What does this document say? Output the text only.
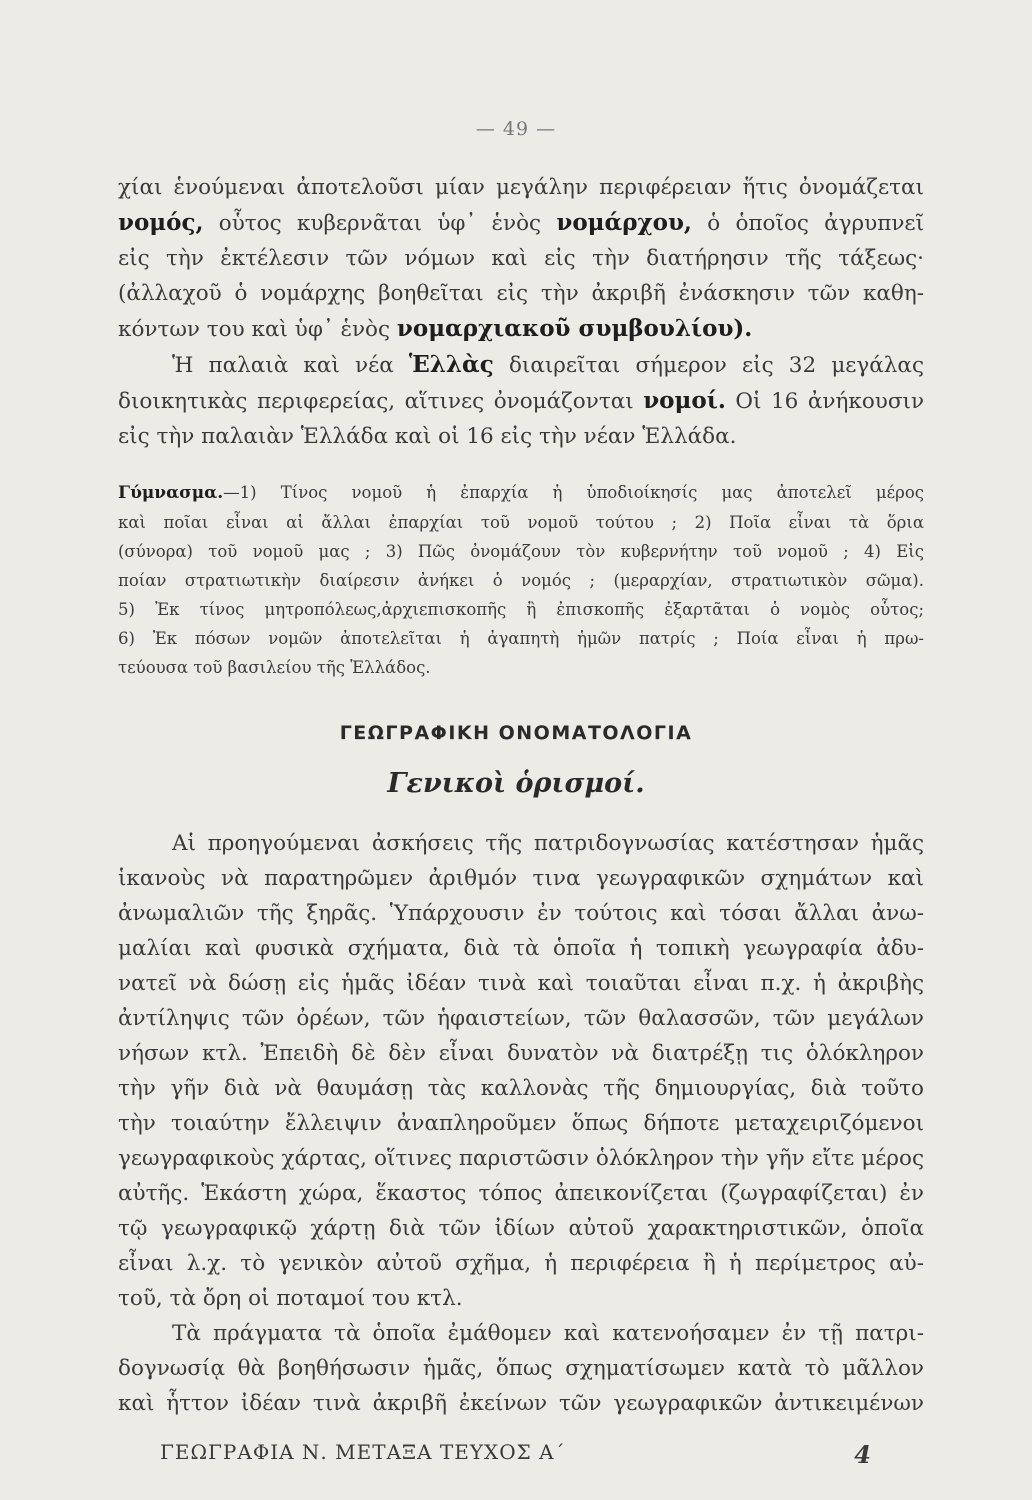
— 49 —
χίαι ἑνούμεναι ἀποτελοῦσι μίαν μεγάλην περιφέρειαν ἥτις ὀνομάζεται
νομός, οὗτος κυβερνᾶται ὑφ᾽ ἑνὸς νομάρχου, ὁ ὁποῖος ἀγρυπνεῖ
εἰς τὴν ἐκτέλεσιν τῶν νόμων καὶ εἰς τὴν διατήρησιν τῆς τάξεως·
(ἀλλαχοῦ ὁ νομάρχης βοηθεῖται εἰς τὴν ἀκριβῆ ἐνάσκησιν τῶν καθη-
κόντων του καὶ ὑφ᾽ ἑνὸς νομαρχιακοῦ συμβουλίου).
Ἡ παλαιὰ καὶ νέα Ἑλλὰς διαιρεῖται σήμερον εἰς 32 μεγάλας
διοικητικὰς περιφερείας, αἵτινες ὀνομάζονται νομοί. Οἱ 16 ἀνήκουσιν
εἰς τὴν παλαιὰν Ἑλλάδα καὶ οἱ 16 εἰς τὴν νέαν Ἑλλάδα.
Γύμνασμα.—1) Τίνος νομοῦ ἡ ἐπαρχία ἡ ὑποδιοίκησίς μας ἀποτελεῖ μέρος
καὶ ποῖαι εἶναι αἱ ἄλλαι ἐπαρχίαι τοῦ νομοῦ τούτου ; 2) Ποῖα εἶναι τὰ ὅρια
(σύνορα) τοῦ νομοῦ μας ; 3) Πῶς ὀνομάζουν τὸν κυβερνήτην τοῦ νομοῦ ; 4) Εἰς
ποίαν στρατιωτικὴν διαίρεσιν ἀνήκει ὁ νομός ; (μεραρχίαν, στρατιωτικὸν σῶμα).
5) Ἐκ τίνος μητροπόλεως,ἀρχιεπισκοπῆς ἢ ἐπισκοπῆς ἐξαρτᾶται ὁ νομὸς οὗτος;
6) Ἐκ πόσων νομῶν ἀποτελεῖται ἡ ἀγαπητὴ ἡμῶν πατρίς ; Ποία εἶναι ἡ πρω-
τεύουσα τοῦ βασιλείου τῆς Ἑλλάδος.
ΓΕΩΓΡΑΦΙΚΗ ΟΝΟΜΑΤΟΛΟΓΙΑ
Γενικοὶ ὁρισμοί.
Αἱ προηγούμεναι ἀσκήσεις τῆς πατριδογνωσίας κατέστησαν ἡμᾶς
ἱκανοὺς νὰ παρατηρῶμεν ἀριθμόν τινα γεωγραφικῶν σχημάτων καὶ
ἀνωμαλιῶν τῆς ξηρᾶς. Ὑπάρχουσιν ἐν τούτοις καὶ τόσαι ἄλλαι ἀνω-
μαλίαι καὶ φυσικὰ σχήματα, διὰ τὰ ὁποῖα ἡ τοπικὴ γεωγραφία ἀδυ-
νατεῖ νὰ δώσῃ εἰς ἡμᾶς ἰδέαν τινὰ καὶ τοιαῦται εἶναι π.χ. ἡ ἀκριβὴς
ἀντίληψις τῶν ὀρέων, τῶν ἡφαιστείων, τῶν θαλασσῶν, τῶν μεγάλων
νήσων κτλ. Ἐπειδὴ δὲ δὲν εἶναι δυνατὸν νὰ διατρέξῃ τις ὁλόκληρον
τὴν γῆν διὰ νὰ θαυμάσῃ τὰς καλλονὰς τῆς δημιουργίας, διὰ τοῦτο
τὴν τοιαύτην ἔλλειψιν ἀναπληροῦμεν ὅπως δήποτε μεταχειριζόμενοι
γεωγραφικοὺς χάρτας, οἵτινες παριστῶσιν ὁλόκληρον τὴν γῆν εἴτε μέρος
αὐτῆς. Ἑκάστη χώρα, ἕκαστος τόπος ἀπεικονίζεται (ζωγραφίζεται) ἐν
τῷ γεωγραφικῷ χάρτῃ διὰ τῶν ἰδίων αὐτοῦ χαρακτηριστικῶν, ὁποῖα
εἶναι λ.χ. τὸ γενικὸν αὐτοῦ σχῆμα, ἡ περιφέρεια ἢ ἡ περίμετρος αὐ-
τοῦ, τὰ ὄρη οἱ ποταμοί του κτλ.
Τὰ πράγματα τὰ ὁποῖα ἐμάθομεν καὶ κατενοήσαμεν ἐν τῇ πατρι-
δογνωσίᾳ θὰ βοηθήσωσιν ἡμᾶς, ὅπως σχηματίσωμεν κατὰ τὸ μᾶλλον
καὶ ἧττον ἰδέαν τινὰ ἀκριβῆ ἐκείνων τῶν γεωγραφικῶν ἀντικειμένων
ΓΕΩΓΡΑΦΙΑ Ν. ΜΕΤΑΞΑ ΤΕΥΧΟΣ Α΄	4
